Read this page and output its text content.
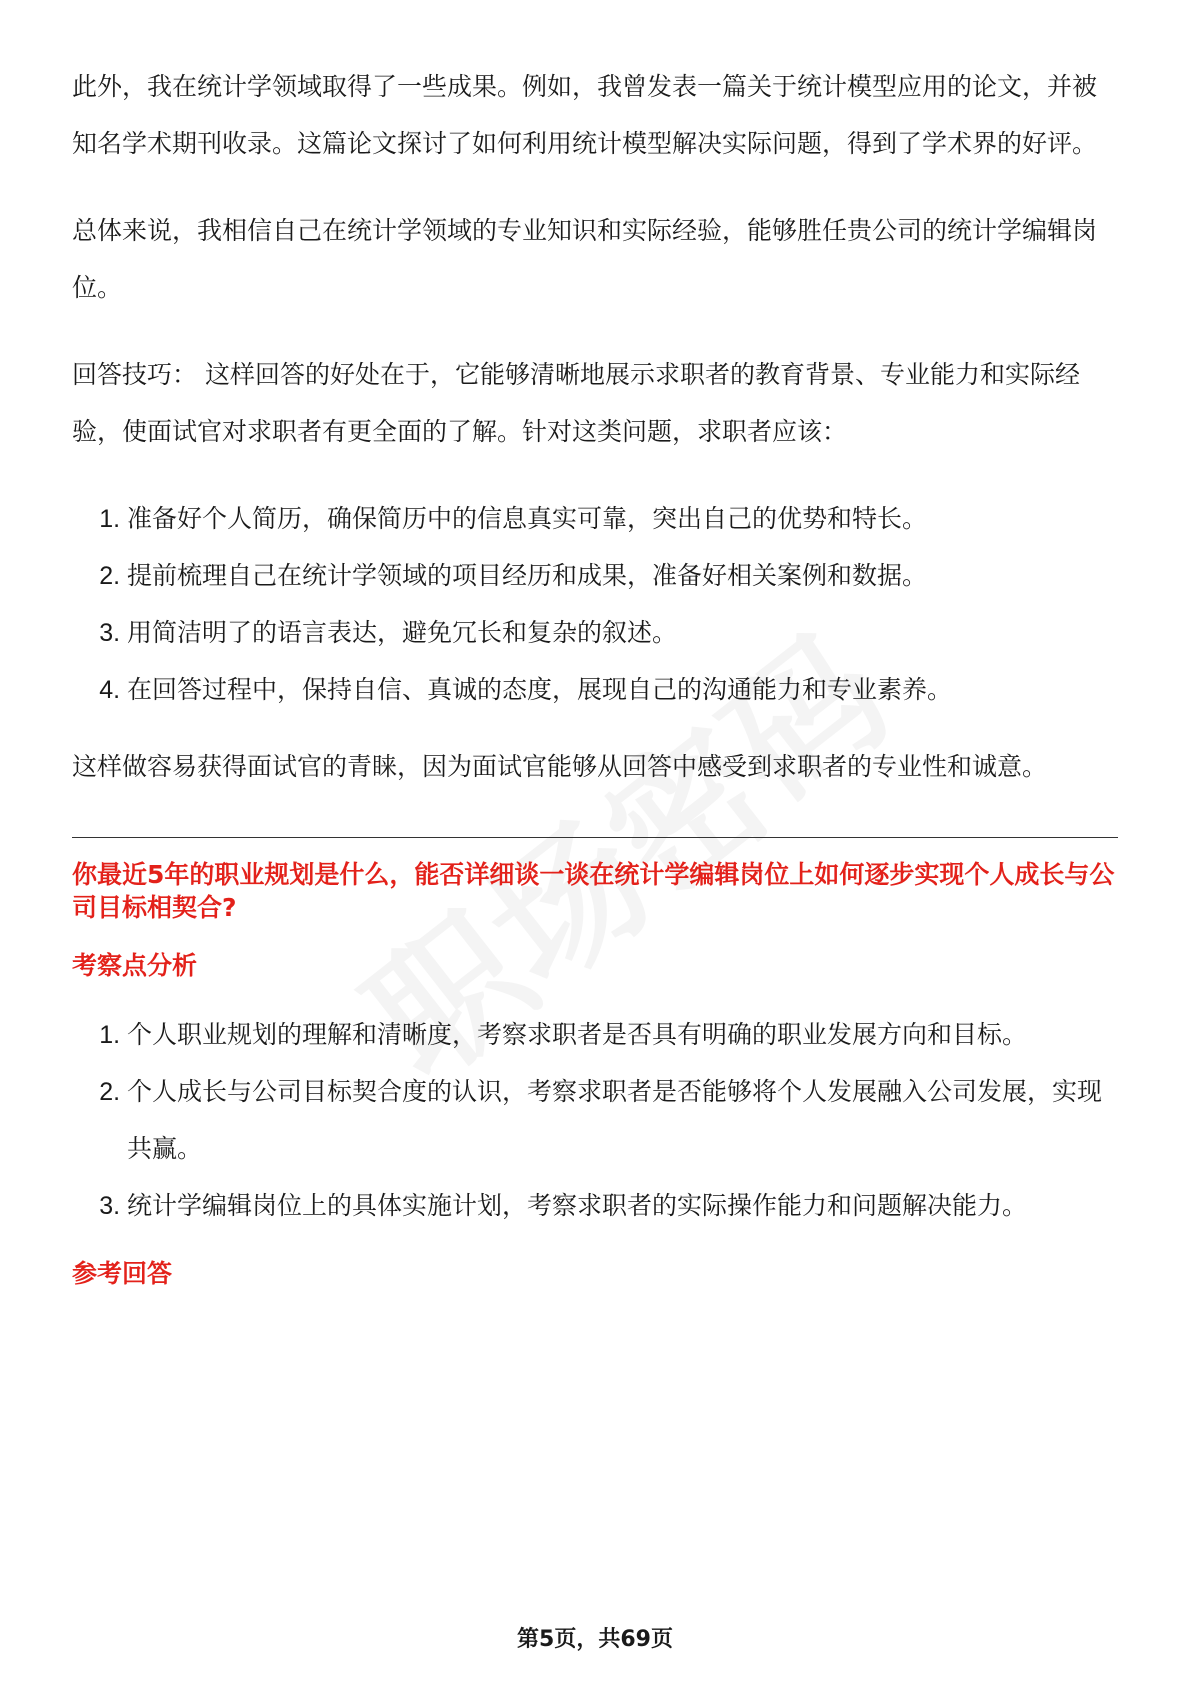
此外，我在统计学领域取得了一些成果。例如，我曾发表一篇关于统计模型应用的论文，并被知名学术期刊收录。这篇论文探讨了如何利用统计模型解决实际问题，得到了学术界的好评。

总体来说，我相信自己在统计学领域的专业知识和实际经验，能够胜任贵公司的统计学编辑岗位。

回答技巧： 这样回答的好处在于，它能够清晰地展示求职者的教育背景、专业能力和实际经验，使面试官对求职者有更全面的了解。针对这类问题，求职者应该：

1. 准备好个人简历，确保简历中的信息真实可靠，突出自己的优势和特长。
2. 提前梳理自己在统计学领域的项目经历和成果，准备好相关案例和数据。
3. 用简洁明了的语言表达，避免冗长和复杂的叙述。
4. 在回答过程中，保持自信、真诚的态度，展现自己的沟通能力和专业素养。

这样做容易获得面试官的青睐，因为面试官能够从回答中感受到求职者的专业性和诚意。

你最近5年的职业规划是什么，能否详细谈一谈在统计学编辑岗位上如何逐步实现个人成长与公司目标相契合?
考察点分析
1. 个人职业规划的理解和清晰度，考察求职者是否具有明确的职业发展方向和目标。
2. 个人成长与公司目标契合度的认识，考察求职者是否能够将个人发展融入公司发展，实现共赢。
3. 统计学编辑岗位上的具体实施计划，考察求职者的实际操作能力和问题解决能力。
参考回答
第5页，共69页
